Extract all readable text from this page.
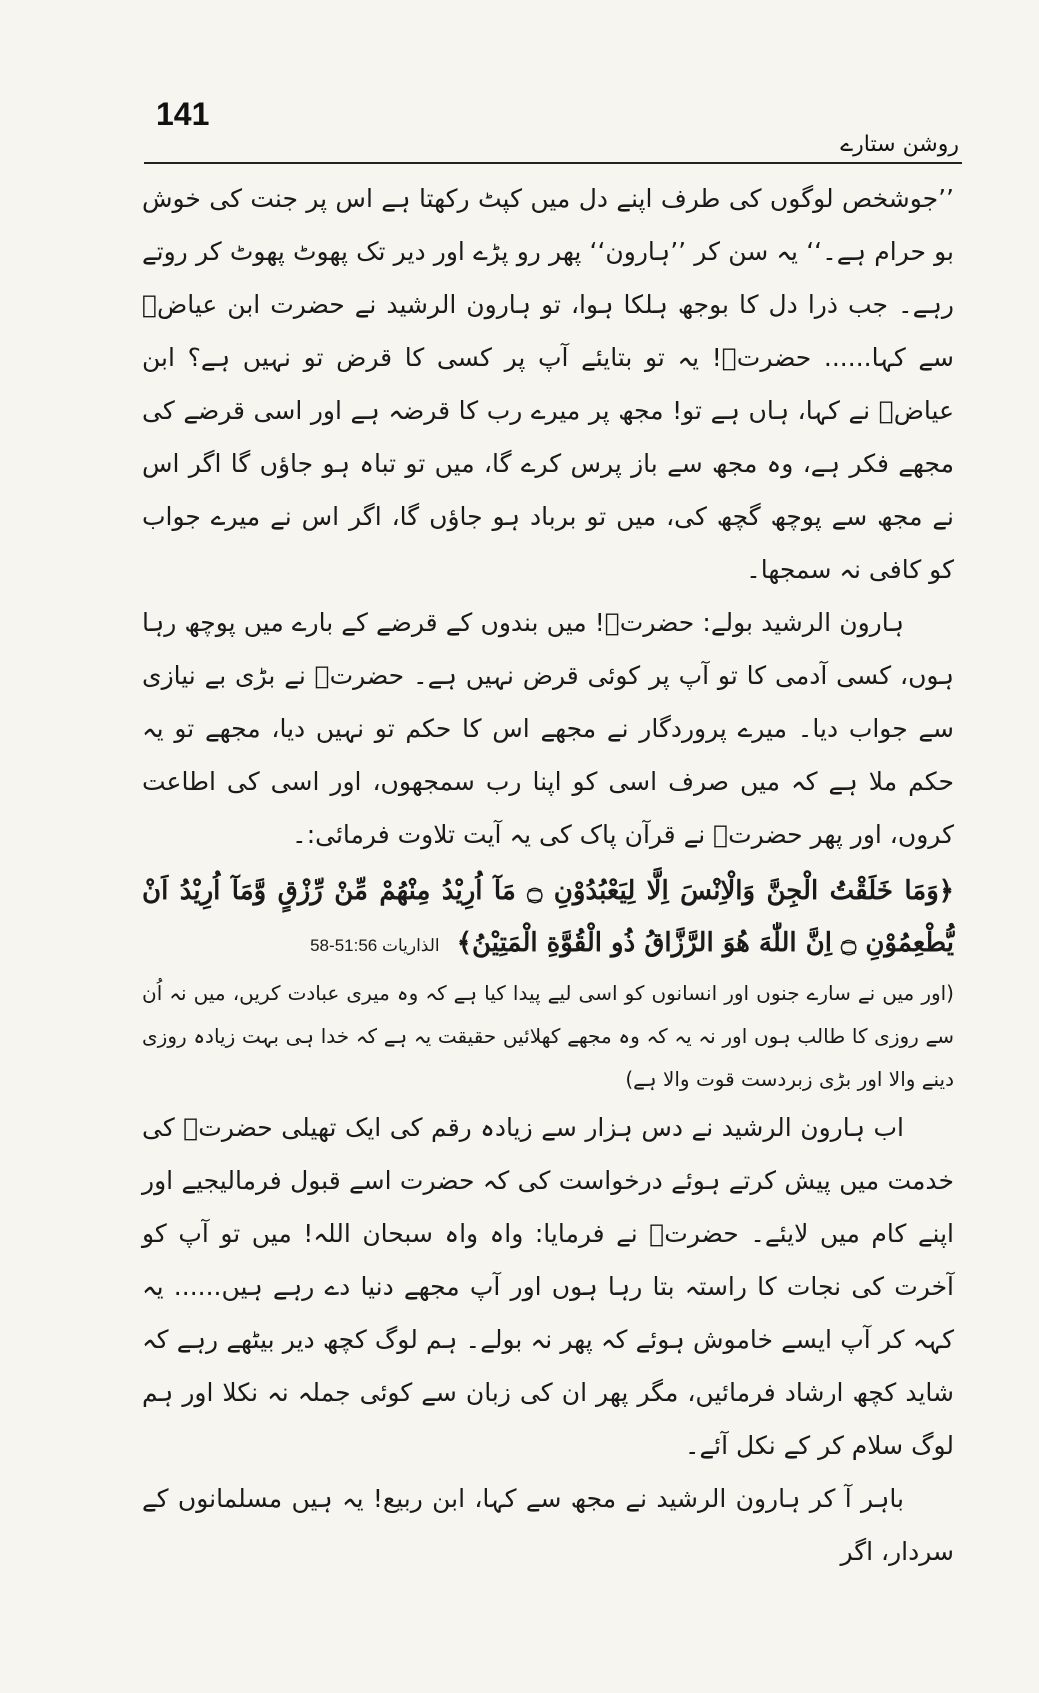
141
روشن ستارے

’’جوشخص لوگوں کی طرف اپنے دل میں کپٹ رکھتا ہے اس پر جنت کی خوش بو حرام ہے۔‘‘ یہ سن کر ’’ہارون‘‘ پھر رو پڑے اور دیر تک پھوٹ پھوٹ کر روتے رہے۔ جب ذرا دل کا بوجھ ہلکا ہوا، تو ہارون الرشید نے حضرت ابن عیاضؒ سے کہا...... حضرتؒ! یہ تو بتایئے آپ پر کسی کا قرض تو نہیں ہے؟ ابن عیاضؒ نے کہا، ہاں ہے تو! مجھ پر میرے رب کا قرضہ ہے اور اسی قرضے کی مجھے فکر ہے، وہ مجھ سے باز پرس کرے گا، میں تو تباہ ہو جاؤں گا اگر اس نے مجھ سے پوچھ گچھ کی، میں تو برباد ہو جاؤں گا، اگر اس نے میرے جواب کو کافی نہ سمجھا۔

ہارون الرشید بولے: حضرتؒ! میں بندوں کے قرضے کے بارے میں پوچھ رہا ہوں، کسی آدمی کا تو آپ پر کوئی قرض نہیں ہے۔ حضرتؒ نے بڑی بے نیازی سے جواب دیا۔ میرے پروردگار نے مجھے اس کا حکم تو نہیں دیا، مجھے تو یہ حکم ملا ہے کہ میں صرف اسی کو اپنا رب سمجھوں، اور اسی کی اطاعت کروں، اور پھر حضرتؒ نے قرآن پاک کی یہ آیت تلاوت فرمائی:۔

﴿وَمَا خَلَقْتُ الْجِنَّ وَالْاِنْسَ اِلَّا لِيَعْبُدُوْنِ ۝ مَآ اُرِيْدُ مِنْهُمْ مِّنْ رِّزْقٍ وَّمَآ اُرِيْدُ اَنْ يُّطْعِمُوْنِ ۝ اِنَّ اللّٰهَ هُوَ الرَّزَّاقُ ذُو الْقُوَّةِ الْمَتِيْنُ﴾ الذاریات 51:56-58

(اور میں نے سارے جنوں اور انسانوں کو اسی لیے پیدا کیا ہے کہ وہ میری عبادت کریں، میں نہ اُن سے روزی کا طالب ہوں اور نہ یہ کہ وہ مجھے کھلائیں حقیقت یہ ہے کہ خدا ہی بہت زیادہ روزی دینے والا اور بڑی زبردست قوت والا ہے)

اب ہارون الرشید نے دس ہزار سے زیادہ رقم کی ایک تھیلی حضرتؒ کی خدمت میں پیش کرتے ہوئے درخواست کی کہ حضرت اسے قبول فرمالیجیے اور اپنے کام میں لایئے۔ حضرتؒ نے فرمایا: واہ واہ سبحان اللہ! میں تو آپ کو آخرت کی نجات کا راستہ بتا رہا ہوں اور آپ مجھے دنیا دے رہے ہیں...... یہ کہہ کر آپ ایسے خاموش ہوئے کہ پھر نہ بولے۔ ہم لوگ کچھ دیر بیٹھے رہے کہ شاید کچھ ارشاد فرمائیں، مگر پھر ان کی زبان سے کوئی جملہ نہ نکلا اور ہم لوگ سلام کر کے نکل آئے۔

باہر آ کر ہارون الرشید نے مجھ سے کہا، ابن ربیع! یہ ہیں مسلمانوں کے سردار، اگر
